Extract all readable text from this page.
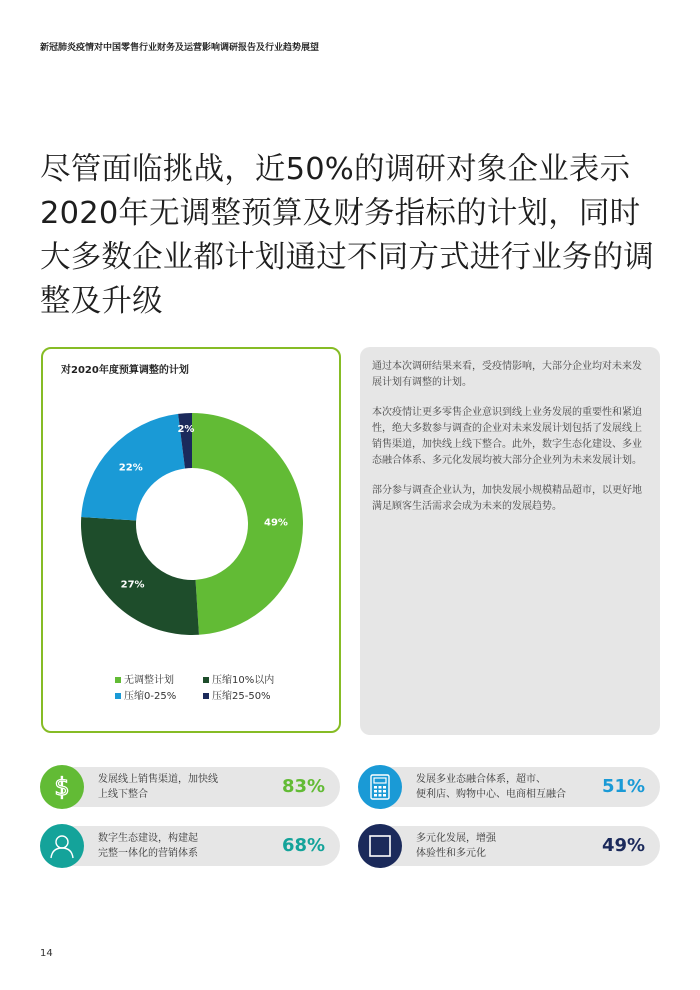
新冠肺炎疫情对中国零售行业财务及运营影响调研报告及行业趋势展望
尽管面临挑战，近50%的调研对象企业表示2020年无调整预算及财务指标的计划，同时大多数企业都计划通过不同方式进行业务的调整及升级
对2020年度预算调整的计划
49%
27%
22%
2%
无调整计划	压缩10%以内
压缩0-25%	压缩25-50%

通过本次调研结果来看，受疫情影响，大部分企业均对未来发展计划有调整的计划。

本次疫情让更多零售企业意识到线上业务发展的重要性和紧迫性，绝大多数参与调查的企业对未来发展计划包括了发展线上销售渠道，加快线上线下整合。此外，数字生态化建设、多业态融合体系、多元化发展均被大部分企业列为未来发展计划。

部分参与调查企业认为，加快发展小规模精品超市，以更好地满足顾客生活需求会成为未来的发展趋势。

$	发展线上销售渠道，加快线
上线下整合	83%	发展多业态融合体系，超市、
便利店、购物中心、电商相互融合 51%
数字生态建设，构建起
完整一体化的营销体系	68%	多元化发展，增强
体验性和多元化	49%
14
